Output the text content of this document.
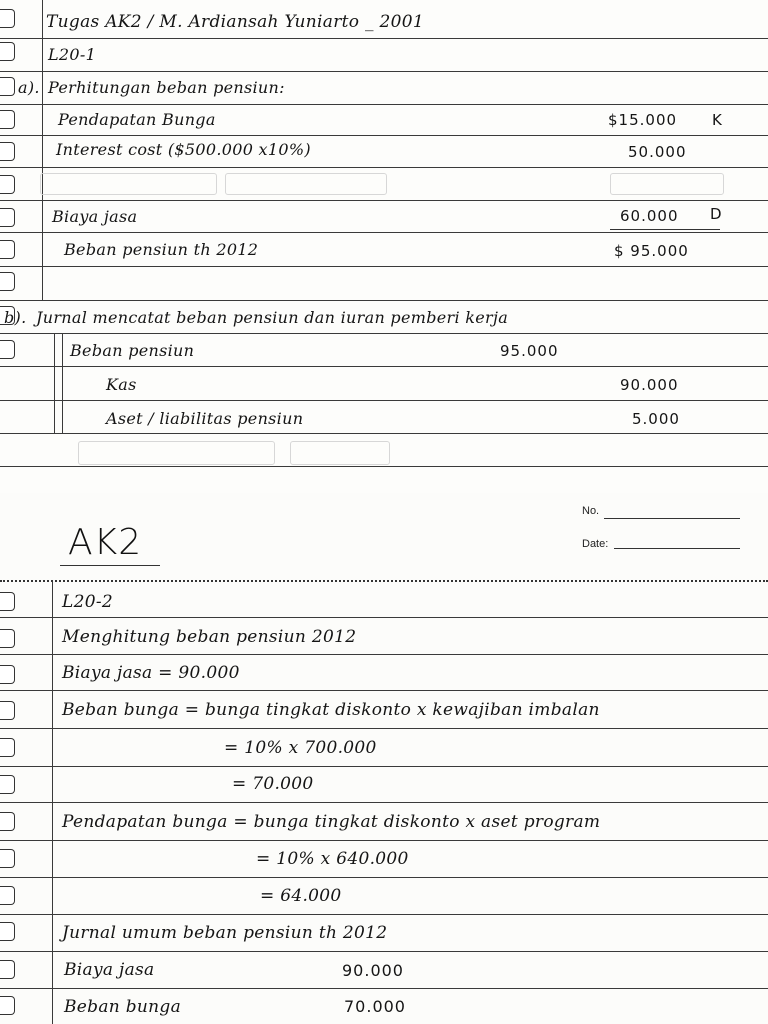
Tugas AK2 / M. Ardiansah Yuniarto _ 2001
L20-1
a). Perhitungan beban pensiun:
Pendapatan Bunga	$15.000 K
Interest cost ($500.000 x10%)	50.000
Biaya jasa	60.000 D
Beban pensiun th 2012	$ 95.000
b). Jurnal mencatat beban pensiun dan iuran pemberi kerja
Beban pensiun	95.000
Kas	90.000
Aset / liabilitas pensiun	5.000
AK2
No.
Date:
L20-2
Menghitung beban pensiun 2012
Biaya jasa = 90.000
Beban bunga = bunga tingkat diskonto x kewajiban imbalan
= 10% x 700.000
= 70.000
Pendapatan bunga = bunga tingkat diskonto x aset program
= 10% x 640.000
= 64.000
Jurnal umum beban pensiun th 2012
Biaya jasa	90.000
Beban bunga	70.000
